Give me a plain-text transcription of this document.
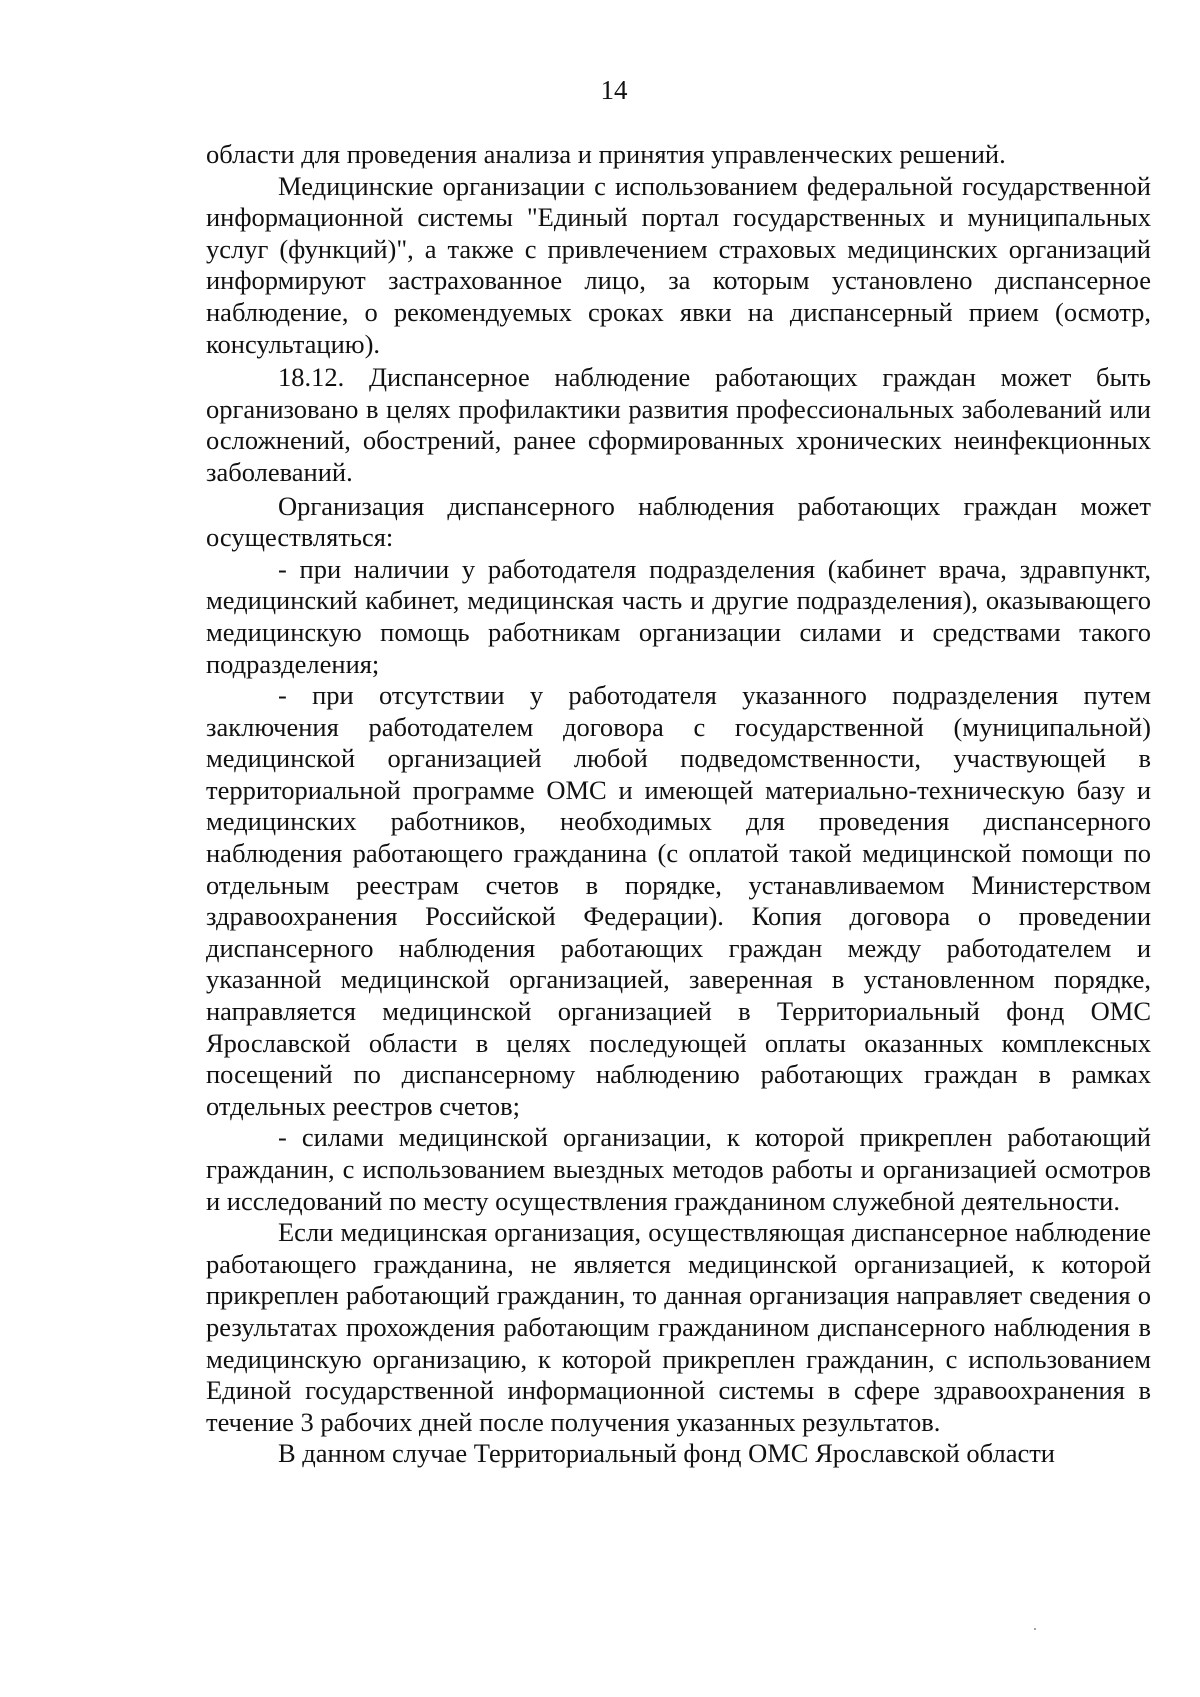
14

области для проведения анализа и принятия управленческих решений.

Медицинские организации с использованием федеральной государственной информационной системы "Единый портал государственных и муниципальных услуг (функций)", а также с привлечением страховых медицинских организаций информируют застрахованное лицо, за которым установлено диспансерное наблюдение, о рекомендуемых сроках явки на диспансерный прием (осмотр, консультацию).

18.12. Диспансерное наблюдение работающих граждан может быть организовано в целях профилактики развития профессиональных заболеваний или осложнений, обострений, ранее сформированных хронических неинфекционных заболеваний.

Организация диспансерного наблюдения работающих граждан может осуществляться:

- при наличии у работодателя подразделения (кабинет врача, здравпункт, медицинский кабинет, медицинская часть и другие подразделения), оказывающего медицинскую помощь работникам организации силами и средствами такого подразделения;

- при отсутствии у работодателя указанного подразделения путем заключения работодателем договора с государственной (муниципальной) медицинской организацией любой подведомственности, участвующей в территориальной программе ОМС и имеющей материально-техническую базу и медицинских работников, необходимых для проведения диспансерного наблюдения работающего гражданина (с оплатой такой медицинской помощи по отдельным реестрам счетов в порядке, устанавливаемом Министерством здравоохранения Российской Федерации). Копия договора о проведении диспансерного наблюдения работающих граждан между работодателем и указанной медицинской организацией, заверенная в установленном порядке, направляется медицинской организацией в Территориальный фонд ОМС Ярославской области в целях последующей оплаты оказанных комплексных посещений по диспансерному наблюдению работающих граждан в рамках отдельных реестров счетов;

- силами медицинской организации, к которой прикреплен работающий гражданин, с использованием выездных методов работы и организацией осмотров и исследований по месту осуществления гражданином служебной деятельности.

Если медицинская организация, осуществляющая диспансерное наблюдение работающего гражданина, не является медицинской организацией, к которой прикреплен работающий гражданин, то данная организация направляет сведения о результатах прохождения работающим гражданином диспансерного наблюдения в медицинскую организацию, к которой прикреплен гражданин, с использованием Единой государственной информационной системы в сфере здравоохранения в течение 3 рабочих дней после получения указанных результатов.

В данном случае Территориальный фонд ОМС Ярославской области
